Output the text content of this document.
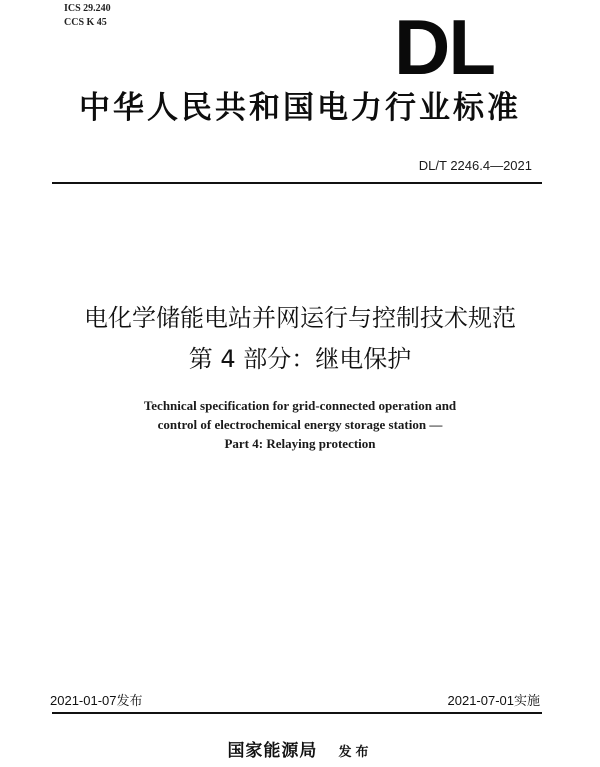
ICS 29.240
CCS K 45	DL
中华人民共和国电力行业标准
DL/T 2246.4—2021
电化学储能电站并网运行与控制技术规范
第 4 部分：继电保护
Technical specification for grid-connected operation and
control of electrochemical energy storage station —
Part 4: Relaying protection
2021-01-07发布	2021-07-01实施
国家能源局 发布
